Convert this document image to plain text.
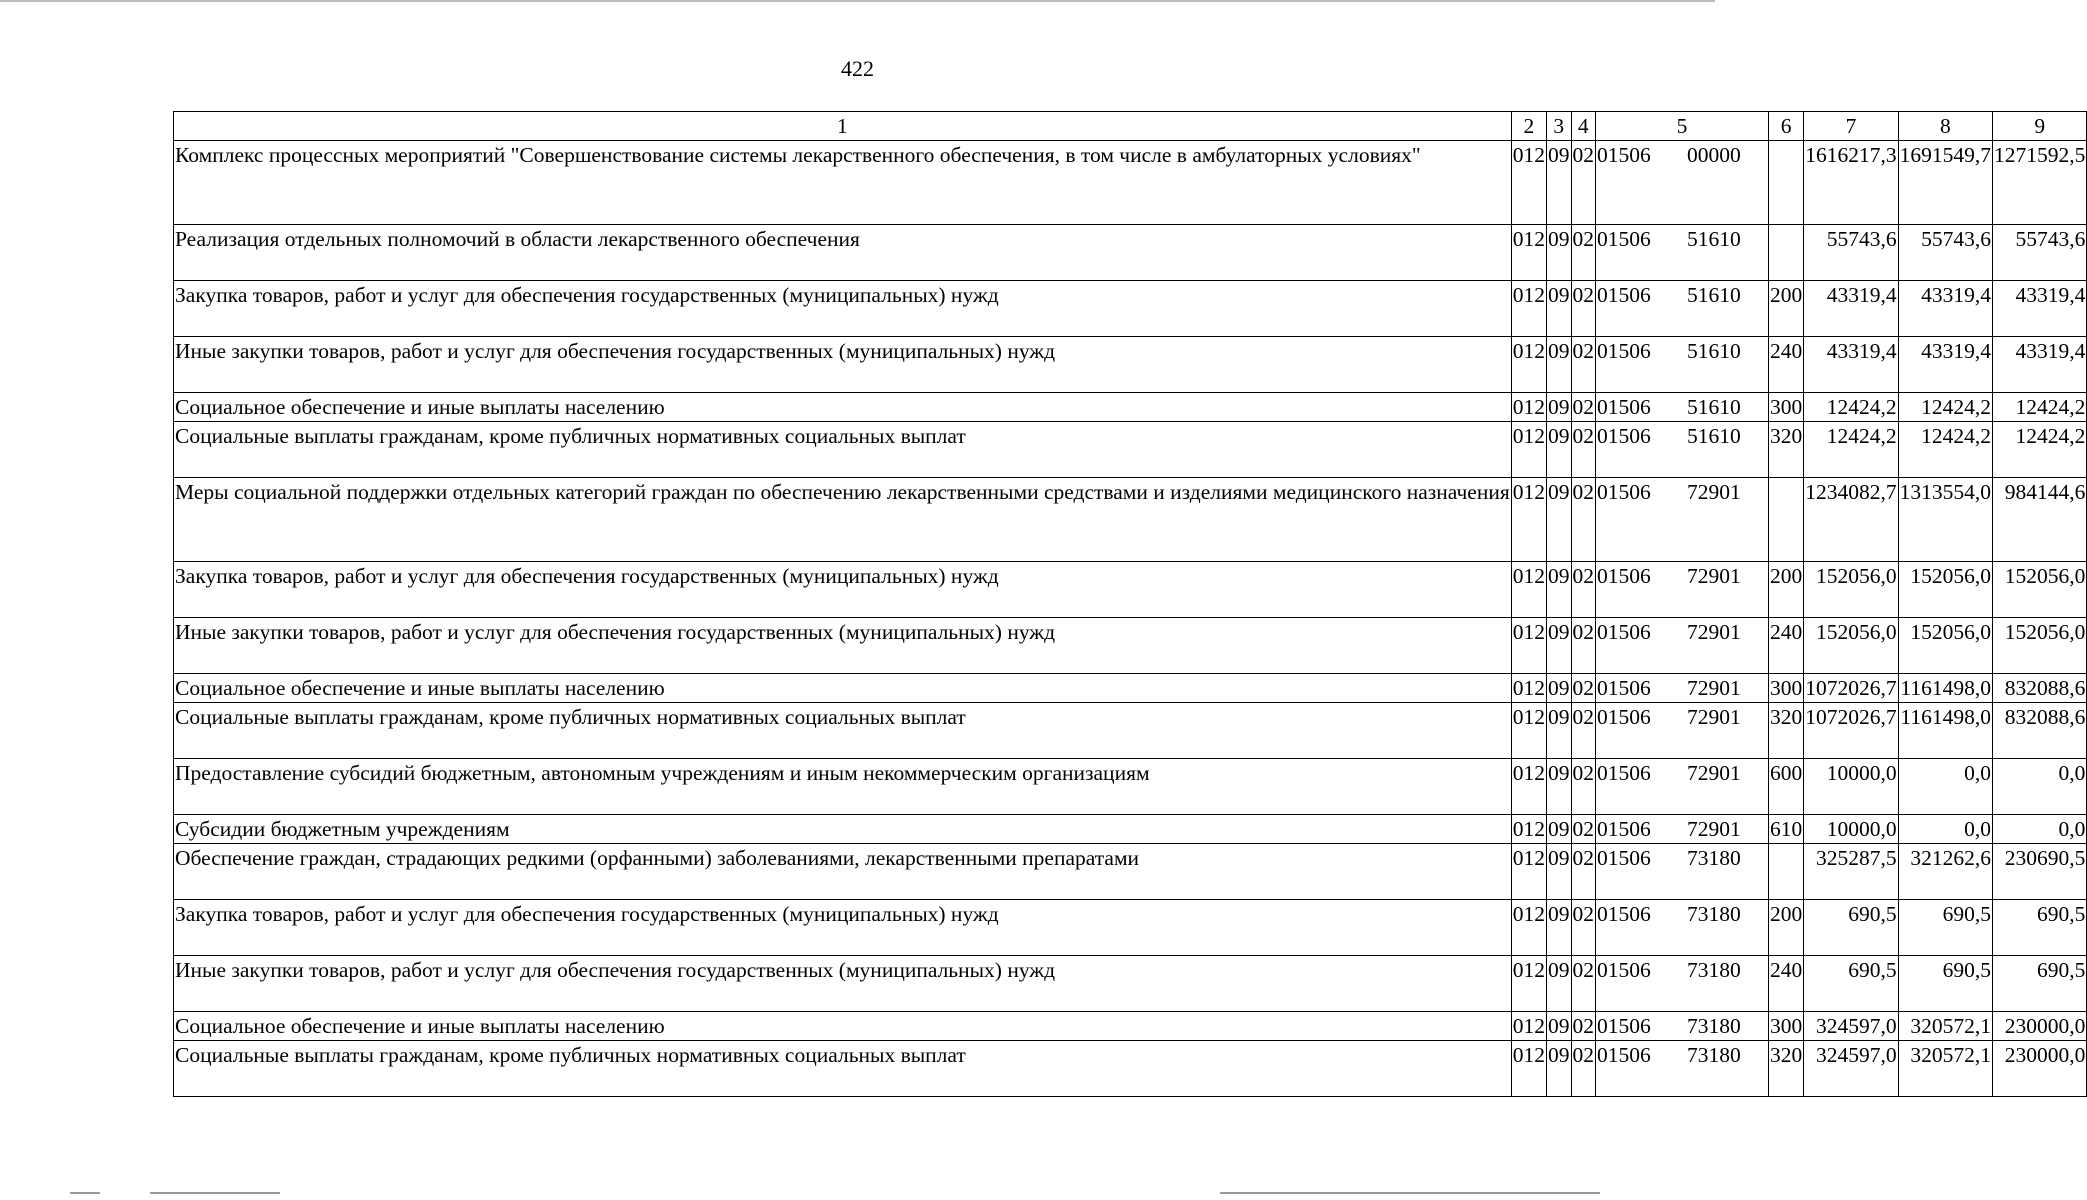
422
1	2	3	4	5	6	7	8	9
Комплекс процессных мероприятий "Совершенствование системы лекарственного обеспечения, в том числе в амбулаторных условиях"	012	09	02	01506 00000		1616217,3	1691549,7	1271592,5
Реализация отдельных полномочий в области лекарственного обеспечения	012	09	02	01506 51610		55743,6	55743,6	55743,6
Закупка товаров, работ и услуг для обеспечения государственных (муниципальных) нужд	012	09	02	01506 51610	200	43319,4	43319,4	43319,4
Иные закупки товаров, работ и услуг для обеспечения государственных (муниципальных) нужд	012	09	02	01506 51610	240	43319,4	43319,4	43319,4
Социальное обеспечение и иные выплаты населению	012	09	02	01506 51610	300	12424,2	12424,2	12424,2
Социальные выплаты гражданам, кроме публичных нормативных социальных выплат	012	09	02	01506 51610	320	12424,2	12424,2	12424,2
Меры социальной поддержки отдельных категорий граждан по обеспечению лекарственными средствами и изделиями медицинского назначения	012	09	02	01506 72901		1234082,7	1313554,0	984144,6
Закупка товаров, работ и услуг для обеспечения государственных (муниципальных) нужд	012	09	02	01506 72901	200	152056,0	152056,0	152056,0
Иные закупки товаров, работ и услуг для обеспечения государственных (муниципальных) нужд	012	09	02	01506 72901	240	152056,0	152056,0	152056,0
Социальное обеспечение и иные выплаты населению	012	09	02	01506 72901	300	1072026,7	1161498,0	832088,6
Социальные выплаты гражданам, кроме публичных нормативных социальных выплат	012	09	02	01506 72901	320	1072026,7	1161498,0	832088,6
Предоставление субсидий бюджетным, автономным учреждениям и иным некоммерческим организациям	012	09	02	01506 72901	600	10000,0	0,0	0,0
Субсидии бюджетным учреждениям	012	09	02	01506 72901	610	10000,0	0,0	0,0
Обеспечение граждан, страдающих редкими (орфанными) заболеваниями, лекарственными препаратами	012	09	02	01506 73180		325287,5	321262,6	230690,5
Закупка товаров, работ и услуг для обеспечения государственных (муниципальных) нужд	012	09	02	01506 73180	200	690,5	690,5	690,5
Иные закупки товаров, работ и услуг для обеспечения государственных (муниципальных) нужд	012	09	02	01506 73180	240	690,5	690,5	690,5
Социальное обеспечение и иные выплаты населению	012	09	02	01506 73180	300	324597,0	320572,1	230000,0
Социальные выплаты гражданам, кроме публичных нормативных социальных выплат	012	09	02	01506 73180	320	324597,0	320572,1	230000,0
